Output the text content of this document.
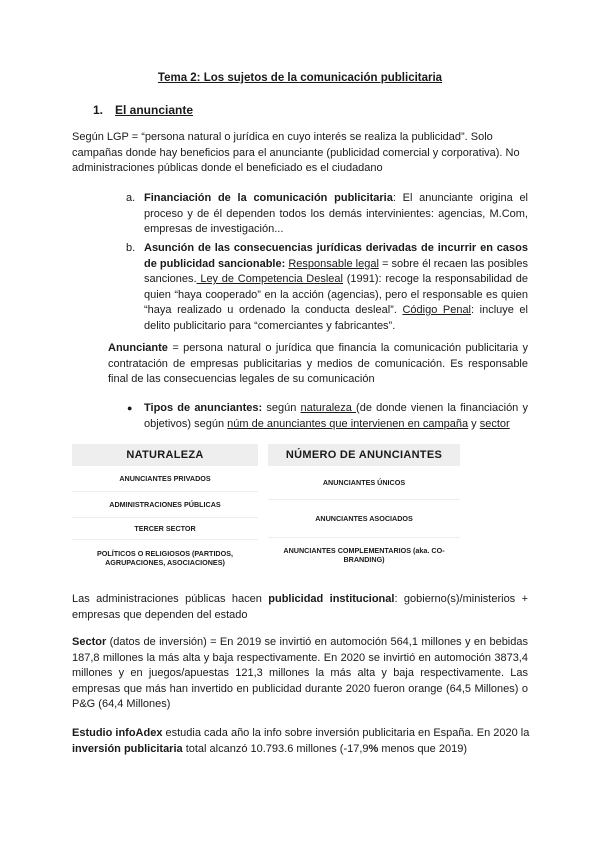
Tema 2: Los sujetos de la comunicación publicitaria
1. El anunciante

Según LGP = “persona natural o jurídica en cuyo interés se realiza la publicidad”. Solo campañas donde hay beneficios para el anunciante (publicidad comercial y corporativa). No administraciones públicas donde el beneficiado es el ciudadano

a. Financiación de la comunicación publicitaria: El anunciante origina el proceso y de él dependen todos los demás intervinientes: agencias, M.Com, empresas de investigación...
b. Asunción de las consecuencias jurídicas derivadas de incurrir en casos de publicidad sancionable: Responsable legal = sobre él recaen las posibles sanciones. Ley de Competencia Desleal (1991): recoge la responsabilidad de quien “haya cooperado” en la acción (agencias), pero el responsable es quien “haya realizado u ordenado la conducta desleal”. Código Penal: incluye el delito publicitario para “comerciantes y fabricantes”.

Anunciante = persona natural o jurídica que financia la comunicación publicitaria y contratación de empresas publicitarias y medios de comunicación. Es responsable final de las consecuencias legales de su comunicación

● Tipos de anunciantes: según naturaleza (de donde vienen la financiación y objetivos) según núm de anunciantes que intervienen en campaña y sector
NATURALEZA
ANUNCIANTES PRIVADOS
ADMINISTRACIONES PÚBLICAS
TERCER SECTOR
POLÍTICOS O RELIGIOSOS (PARTIDOS, AGRUPACIONES, ASOCIACIONES)
NÚMERO DE ANUNCIANTES
ANUNCIANTES ÚNICOS
ANUNCIANTES ASOCIADOS
ANUNCIANTES COMPLEMENTARIOS (aka. CO-BRANDING)

Las administraciones públicas hacen publicidad institucional: gobierno(s)/ministerios + empresas que dependen del estado

Sector (datos de inversión) = En 2019 se invirtió en automoción 564,1 millones y en bebidas 187,8 millones la más alta y baja respectivamente. En 2020 se invirtió en automoción 3873,4 millones y en juegos/apuestas 121,3 millones la más alta y baja respectivamente. Las empresas que más han invertido en publicidad durante 2020 fueron orange (64,5 Millones) o P&G (64,4 Millones)

Estudio infoAdex estudia cada año la info sobre inversión publicitaria en España. En 2020 la inversión publicitaria total alcanzó 10.793.6 millones (-17,9% menos que 2019)
